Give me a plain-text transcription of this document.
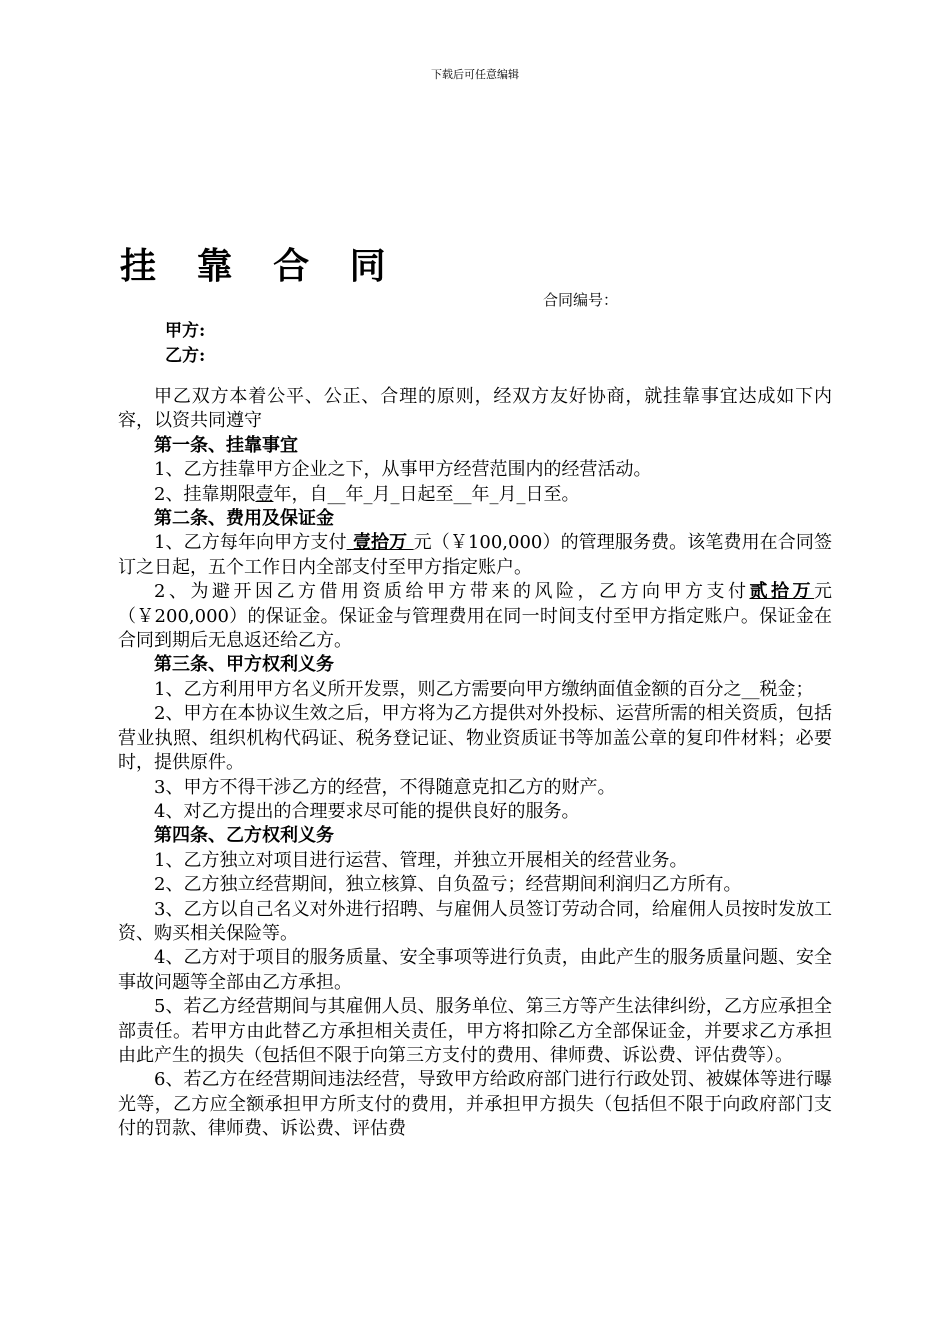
下载后可任意编辑
挂 靠 合 同
合同编号：
甲方:
乙方:

甲乙双方本着公平、公正、合理的原则，经双方友好协商，就挂靠事宜达成如下内容，以资共同遵守

第一条、挂靠事宜

1、乙方挂靠甲方企业之下，从事甲方经营范围内的经营活动。

2、挂靠期限壹年，自__年_月_日起至__年_月_日至。

第二条、费用及保证金

1、乙方每年向甲方支付 壹拾万 元（￥100,000）的管理服务费。该笔费用在合同签订之日起，五个工作日内全部支付至甲方指定账户。

2、为避开因乙方借用资质给甲方带来的风险，乙方向甲方支付贰拾万元（￥200,000）的保证金。保证金与管理费用在同一时间支付至甲方指定账户。保证金在合同到期后无息返还给乙方。

第三条、甲方权利义务

1、乙方利用甲方名义所开发票，则乙方需要向甲方缴纳面值金额的百分之__税金；

2、甲方在本协议生效之后，甲方将为乙方提供对外投标、运营所需的相关资质，包括营业执照、组织机构代码证、税务登记证、物业资质证书等加盖公章的复印件材料；必要时，提供原件。

3、甲方不得干涉乙方的经营，不得随意克扣乙方的财产。

4、对乙方提出的合理要求尽可能的提供良好的服务。

第四条、乙方权利义务

1、乙方独立对项目进行运营、管理，并独立开展相关的经营业务。

2、乙方独立经营期间，独立核算、自负盈亏；经营期间利润归乙方所有。

3、乙方以自己名义对外进行招聘、与雇佣人员签订劳动合同，给雇佣人员按时发放工资、购买相关保险等。

4、乙方对于项目的服务质量、安全事项等进行负责，由此产生的服务质量问题、安全事故问题等全部由乙方承担。

5、若乙方经营期间与其雇佣人员、服务单位、第三方等产生法律纠纷，乙方应承担全部责任。若甲方由此替乙方承担相关责任，甲方将扣除乙方全部保证金，并要求乙方承担由此产生的损失（包括但不限于向第三方支付的费用、律师费、诉讼费、评估费等）。

6、若乙方在经营期间违法经营，导致甲方给政府部门进行行政处罚、被媒体等进行曝光等，乙方应全额承担甲方所支付的费用，并承担甲方损失（包括但不限于向政府部门支付的罚款、律师费、诉讼费、评估费
